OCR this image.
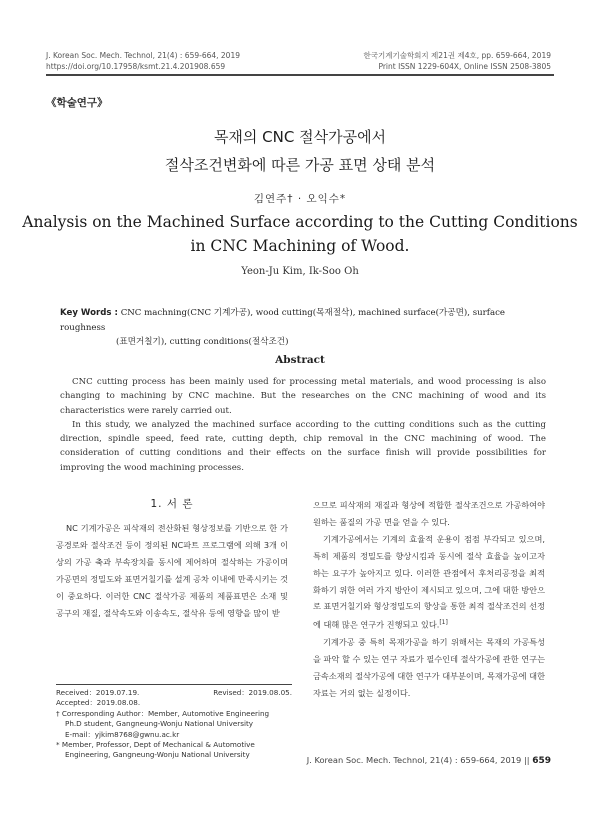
J. Korean Soc. Mech. Technol, 21(4) : 659-664, 2019
https://doi.org/10.17958/ksmt.21.4.201908.659
한국기계기술학회지 제21권 제4호, pp. 659-664, 2019
Print ISSN 1229-604X, Online ISSN 2508-3805
《학술연구》
목재의 CNC 절삭가공에서
절삭조건변화에 따른 가공 표면 상태 분석
김연주† · 오익수*
Analysis on the Machined Surface according to the Cutting Conditions
in CNC Machining of Wood.
Yeon-Ju Kim, Ik-Soo Oh
Key Words : CNC machning(CNC 기계가공), wood cutting(목재절삭), machined surface(가공면), surface roughness
(표면거칠기), cutting conditions(절삭조건)
Abstract

CNC cutting process has been mainly used for processing metal materials, and wood processing is also changing to machining by CNC machine. But the researches on the CNC machining of wood and its characteristics were rarely carried out.

In this study, we analyzed the machined surface according to the cutting conditions such as the cutting direction, spindle speed, feed rate, cutting depth, chip removal in the CNC machining of wood. The consideration of cutting conditions and their effects on the surface finish will provide possibilities for improving the wood machining processes.

1. 서 론

NC 기계가공은 피삭재의 전산화된 형상정보를 기반으로 한 가공경로와 절삭조건 등이 정의된 NC파트 프로그램에 의해 3개 이상의 가공 축과 부속장치를 동시에 제어하며 절삭하는 가공이며 가공면의 정밀도와 표면거칠기를 설계 공차 이내에 만족시키는 것이 중요하다. 이러한 CNC 절삭가공 제품의 제품표면은 소재 및 공구의 재질, 절삭속도와 이송속도, 절삭유 등에 영향을 많이 받

으므로 피삭재의 재질과 형상에 적합한 절삭조건으로 가공하여야 원하는 품질의 가공 면을 얻을 수 있다.

기계가공에서는 기계의 효율적 운용이 점점 부각되고 있으며, 특히 제품의 정밀도를 향상시킴과 동시에 절삭 효율을 높이고자 하는 요구가 높아지고 있다. 이러한 관점에서 후처리공정을 최적화하기 위한 여러 가지 방안이 제시되고 있으며, 그에 대한 방안으로 표면거칠기와 형상정밀도의 향상을 통한 최적 절삭조건의 선정에 대해 많은 연구가 진행되고 있다.[1]

기계가공 중 특히 목재가공을 하기 위해서는 목재의 가공특성을 파악 할 수 있는 연구 자료가 필수인데 절삭가공에 관한 연구는 금속소재의 절삭가공에 대한 연구가 대부분이며, 목재가공에 대한 자료는 거의 없는 실정이다.

Received：2019.07.19.	Revised：2019.08.05.
Accepted：2019.08.08.
† Corresponding Author：Member, Automotive Engineering
Ph.D student, Gangneung-Wonju National University
E-mail：yjkim8768@gwnu.ac.kr
* Member, Professor, Dept of Mechanical & Automotive
Engineering, Gangneung-Wonju National University
J. Korean Soc. Mech. Technol, 21(4) : 659-664, 2019 || 659
